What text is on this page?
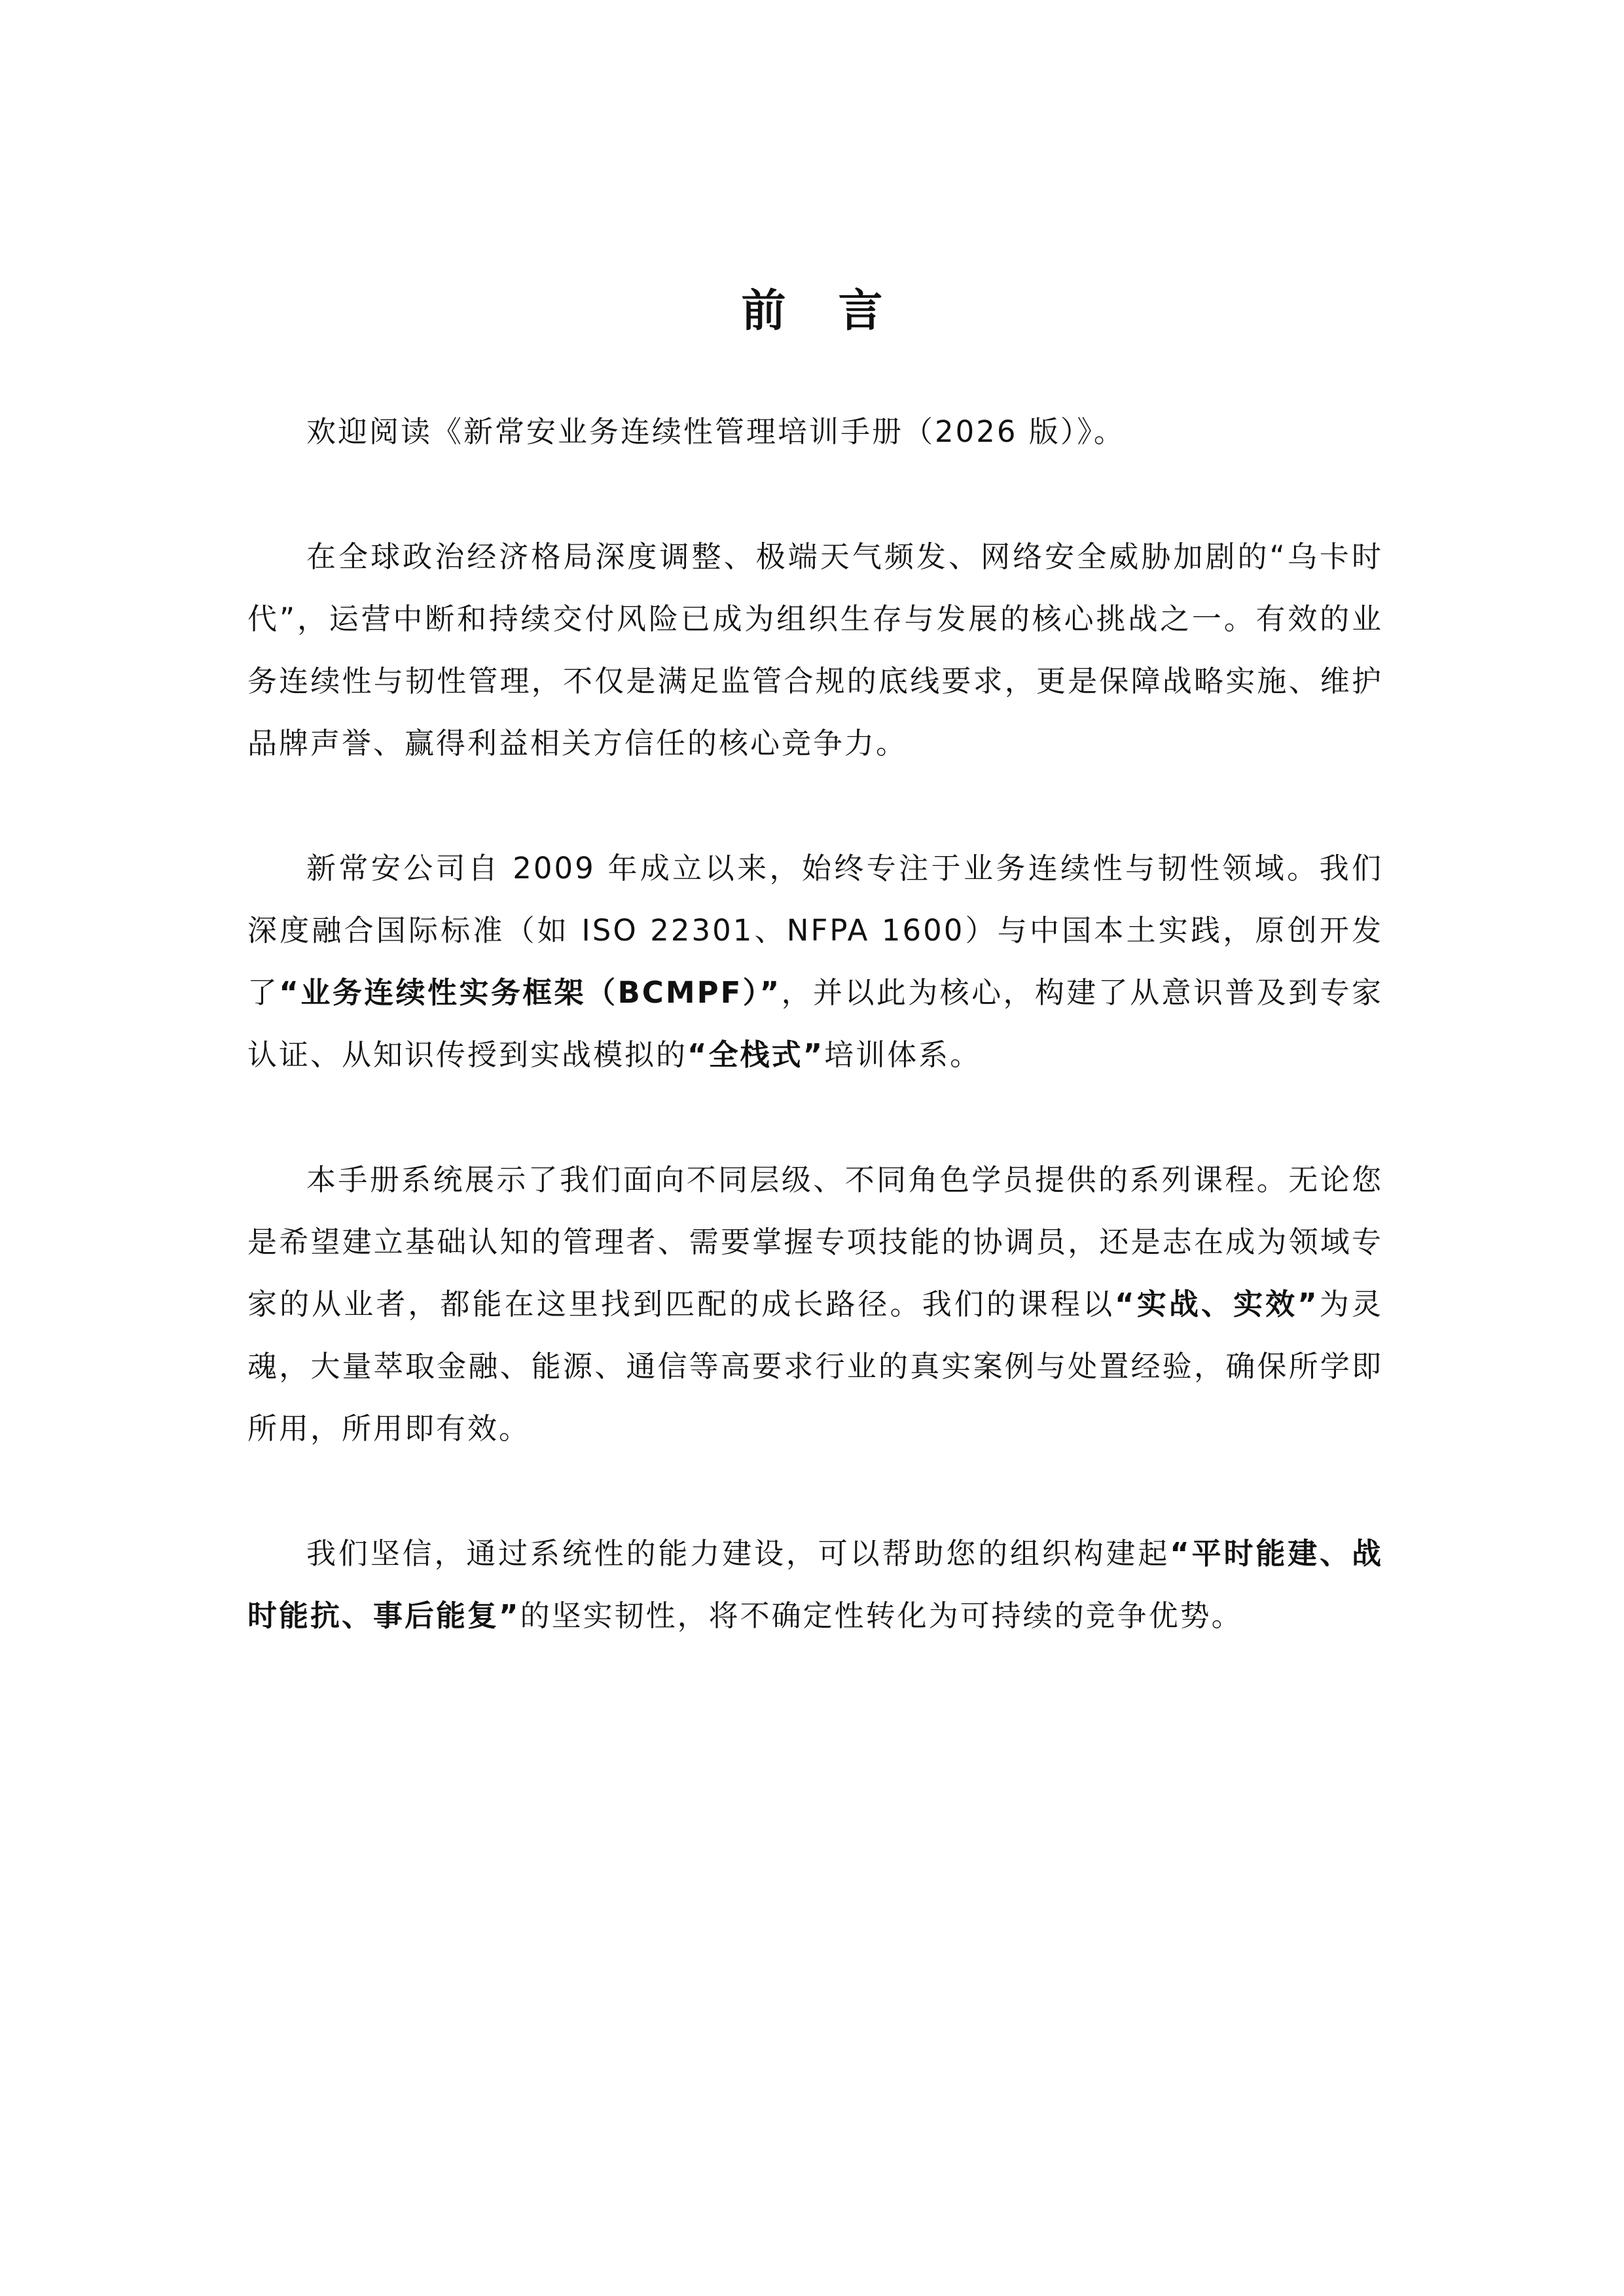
前言

欢迎阅读《新常安业务连续性管理培训手册（2026 版）》。

在全球政治经济格局深度调整、极端天气频发、网络安全威胁加剧的“乌卡时代”，运营中断和持续交付风险已成为组织生存与发展的核心挑战之一。有效的业务连续性与韧性管理，不仅是满足监管合规的底线要求，更是保障战略实施、维护品牌声誉、赢得利益相关方信任的核心竞争力。

新常安公司自 2009 年成立以来，始终专注于业务连续性与韧性领域。我们深度融合国际标准（如 ISO 22301、NFPA 1600）与中国本土实践，原创开发了“业务连续性实务框架（BCMPF）”，并以此为核心，构建了从意识普及到专家认证、从知识传授到实战模拟的“全栈式”培训体系。

本手册系统展示了我们面向不同层级、不同角色学员提供的系列课程。无论您是希望建立基础认知的管理者、需要掌握专项技能的协调员，还是志在成为领域专家的从业者，都能在这里找到匹配的成长路径。我们的课程以“实战、实效”为灵魂，大量萃取金融、能源、通信等高要求行业的真实案例与处置经验，确保所学即所用，所用即有效。

我们坚信，通过系统性的能力建设，可以帮助您的组织构建起“平时能建、战时能抗、事后能复”的坚实韧性，将不确定性转化为可持续的竞争优势。
